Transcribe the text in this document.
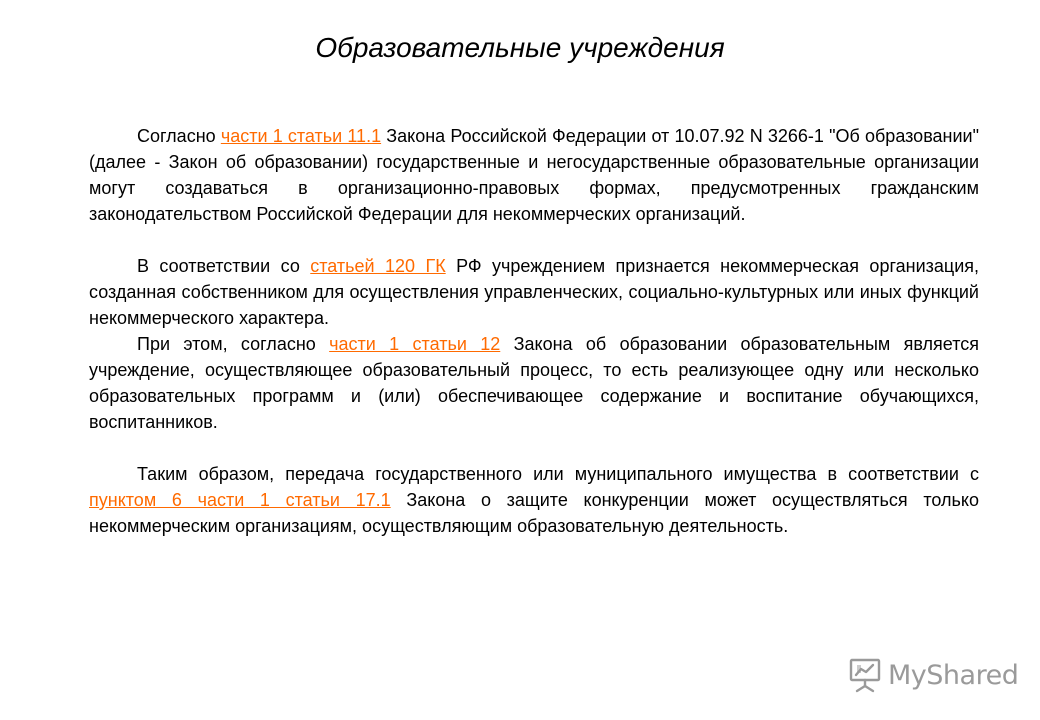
Образовательные учреждения

Согласно части 1 статьи 11.1 Закона Российской Федерации от 10.07.92 N 3266-1 "Об образовании" (далее - Закон об образовании) государственные и негосударственные образовательные организации могут создаваться в организационно-правовых формах, предусмотренных гражданским законодательством Российской Федерации для некоммерческих организаций.

В соответствии со статьей 120 ГК РФ учреждением признается некоммерческая организация, созданная собственником для осуществления управленческих, социально-культурных или иных функций некоммерческого характера.

При этом, согласно части 1 статьи 12 Закона об образовании образовательным является учреждение, осуществляющее образовательный процесс, то есть реализующее одну или несколько образовательных программ и (или) обеспечивающее содержание и воспитание обучающихся, воспитанников.

Таким образом, передача государственного или муниципального имущества в соответствии с пунктом 6 части 1 статьи 17.1 Закона о защите конкуренции может осуществляться только некоммерческим организациям, осуществляющим образовательную деятельность.

MyShared
